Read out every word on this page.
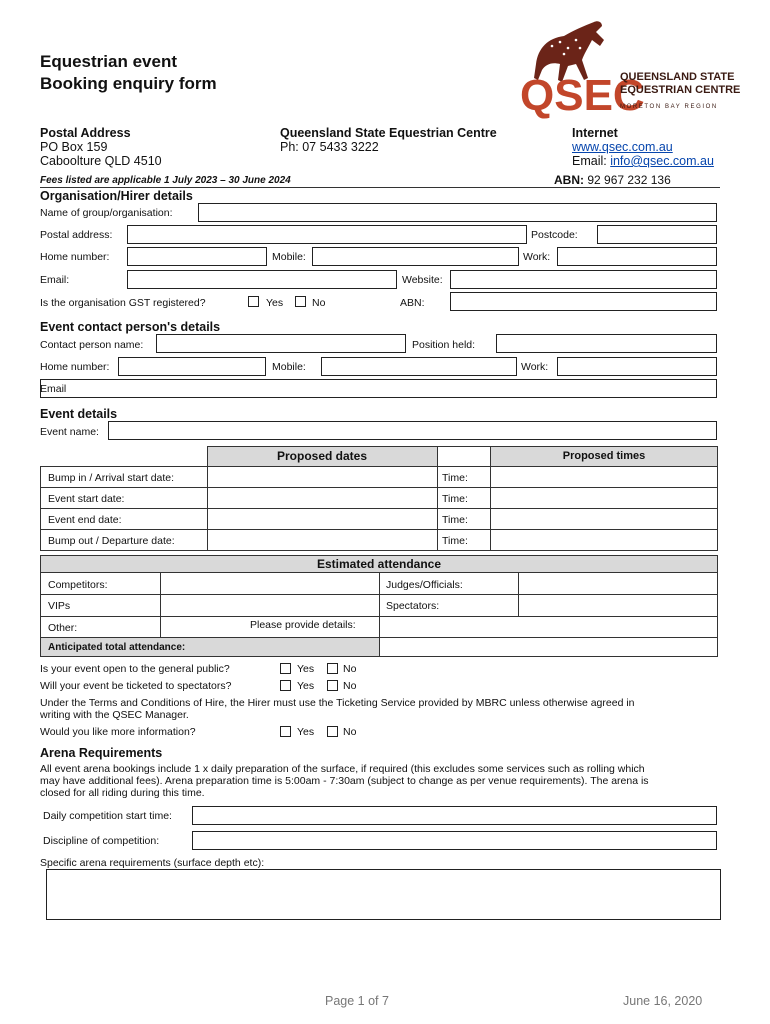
Equestrian event
Booking enquiry form	QSEC
QUEENSLAND STATE
EQUESTRIAN CENTRE
MORETON BAY REGION
Postal Address
PO Box 159
Caboolture QLD 4510
Queensland State Equestrian Centre
Ph: 07 5433 3222
Internet
www.qsec.com.au
Email: info@qsec.com.au
Fees listed are applicable 1 July 2023 – 30 June 2024	ABN: 92 967 232 136
Organisation/Hirer details
Name of group/organisation:
Postal address:	Postcode:
Home number:	Mobile:	Work:
Email:	Website:
Is the organisation GST registered?	Yes	No	ABN:
Event contact person's details
Contact person name:	Position held:
Home number:	Mobile:	Work:
Email
Event details
Event name:
Proposed dates	Proposed times
Bump in / Arrival start date:	Time:
Event start date:	Time:
Event end date:	Time:
Bump out / Departure date:	Time:
Estimated attendance
Competitors:	Judges/Officials:
VIPs	Spectators:
Other:	Please provide details:
Anticipated total attendance:
Is your event open to the general public?	Yes	No
Will your event be ticketed to spectators?	Yes	No
Under the Terms and Conditions of Hire, the Hirer must use the Ticketing Service provided by MBRC unless otherwise agreed in
writing with the QSEC Manager.
Would you like more information?	Yes	No
Arena Requirements
All event arena bookings include 1 x daily preparation of the surface, if required (this excludes some services such as rolling which
may have additional fees). Arena preparation time is 5:00am - 7:30am (subject to change as per venue requirements). The arena is
closed for all riding during this time.
Daily competition start time:
Discipline of competition:
Specific arena requirements (surface depth etc):
Page 1 of 7	June 16, 2020
